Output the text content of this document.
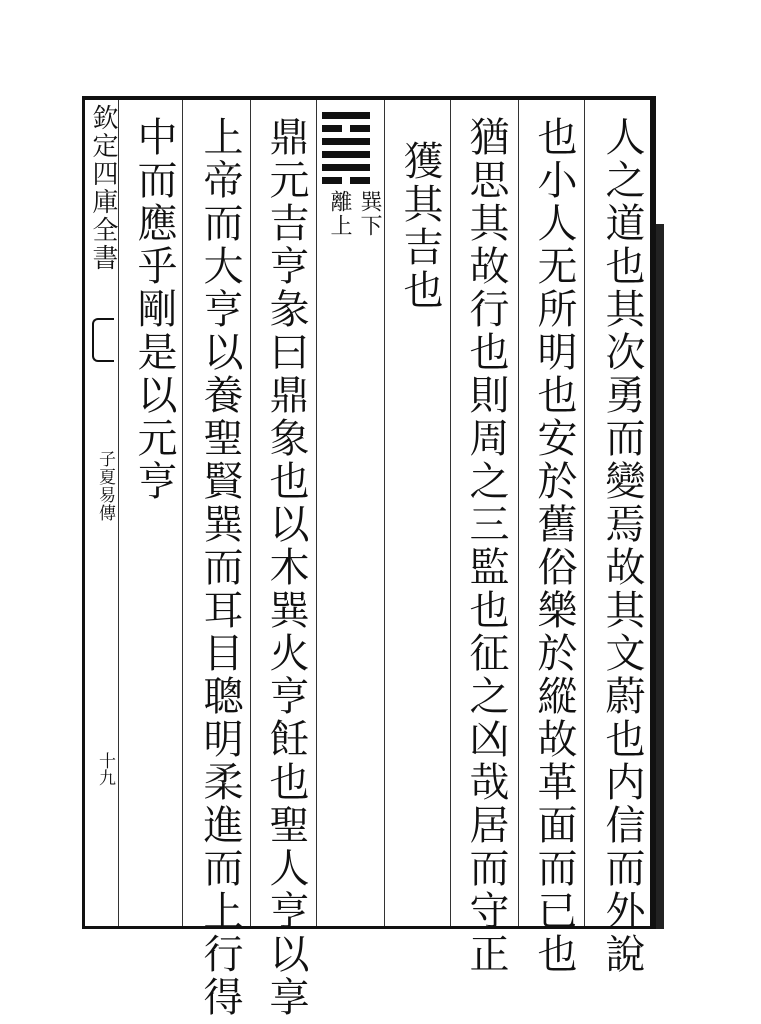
欽定四庫全書
子夏易傳
十九	人之道也其次勇而變焉故其文蔚也内信而外說
也小人无所明也安於舊俗樂於縱故革面而已也
猶思其故行也則周之三監也征之凶哉居而守正
獲其吉也
巽下
離上
鼎元吉亨彖曰鼎象也以木巽火亨飪也聖人亨以享
上帝而大亨以養聖賢巽而耳目聰明柔進而上行得
中而應乎剛是以元亨
